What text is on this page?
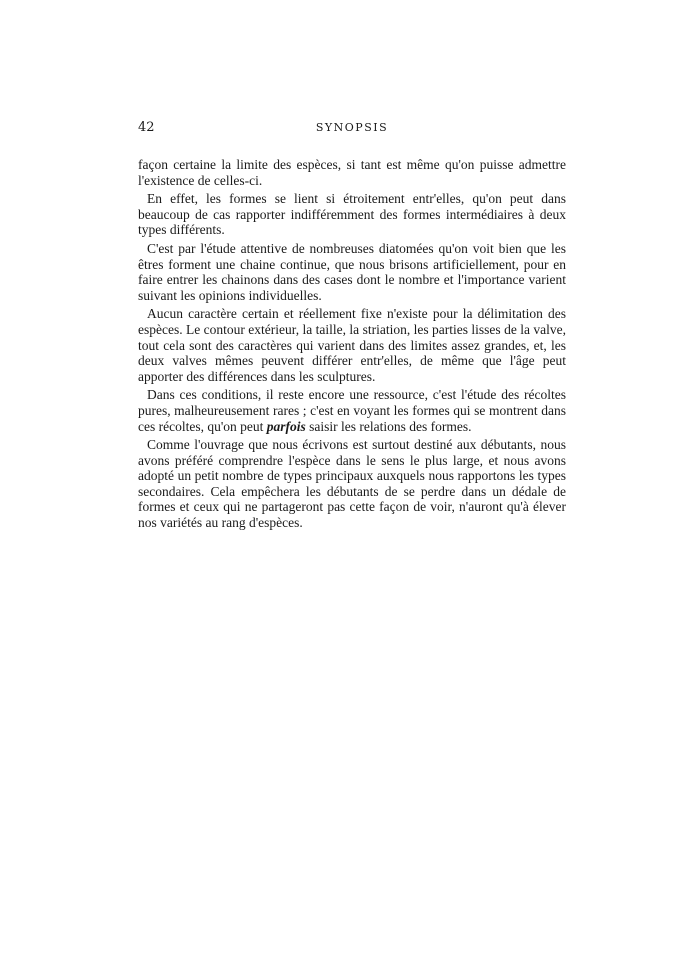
42	SYNOPSIS

façon certaine la limite des espèces, si tant est même qu'on puisse admettre l'existence de celles-ci.

En effet, les formes se lient si étroitement entr'elles, qu'on peut dans beaucoup de cas rapporter indifféremment des formes intermédiaires à deux types différents.

C'est par l'étude attentive de nombreuses diatomées qu'on voit bien que les êtres forment une chaine continue, que nous brisons artificiellement, pour en faire entrer les chainons dans des cases dont le nombre et l'importance varient suivant les opinions individuelles.

Aucun caractère certain et réellement fixe n'existe pour la délimitation des espèces. Le contour extérieur, la taille, la striation, les parties lisses de la valve, tout cela sont des caractères qui varient dans des limites assez grandes, et, les deux valves mêmes peuvent différer entr'elles, de même que l'âge peut apporter des différences dans les sculptures.

Dans ces conditions, il reste encore une ressource, c'est l'étude des récoltes pures, malheureusement rares ; c'est en voyant les formes qui se montrent dans ces récoltes, qu'on peut parfois saisir les relations des formes.

Comme l'ouvrage que nous écrivons est surtout destiné aux débutants, nous avons préféré comprendre l'espèce dans le sens le plus large, et nous avons adopté un petit nombre de types principaux auxquels nous rapportons les types secondaires. Cela empêchera les débutants de se perdre dans un dédale de formes et ceux qui ne partageront pas cette façon de voir, n'auront qu'à élever nos variétés au rang d'espèces.
